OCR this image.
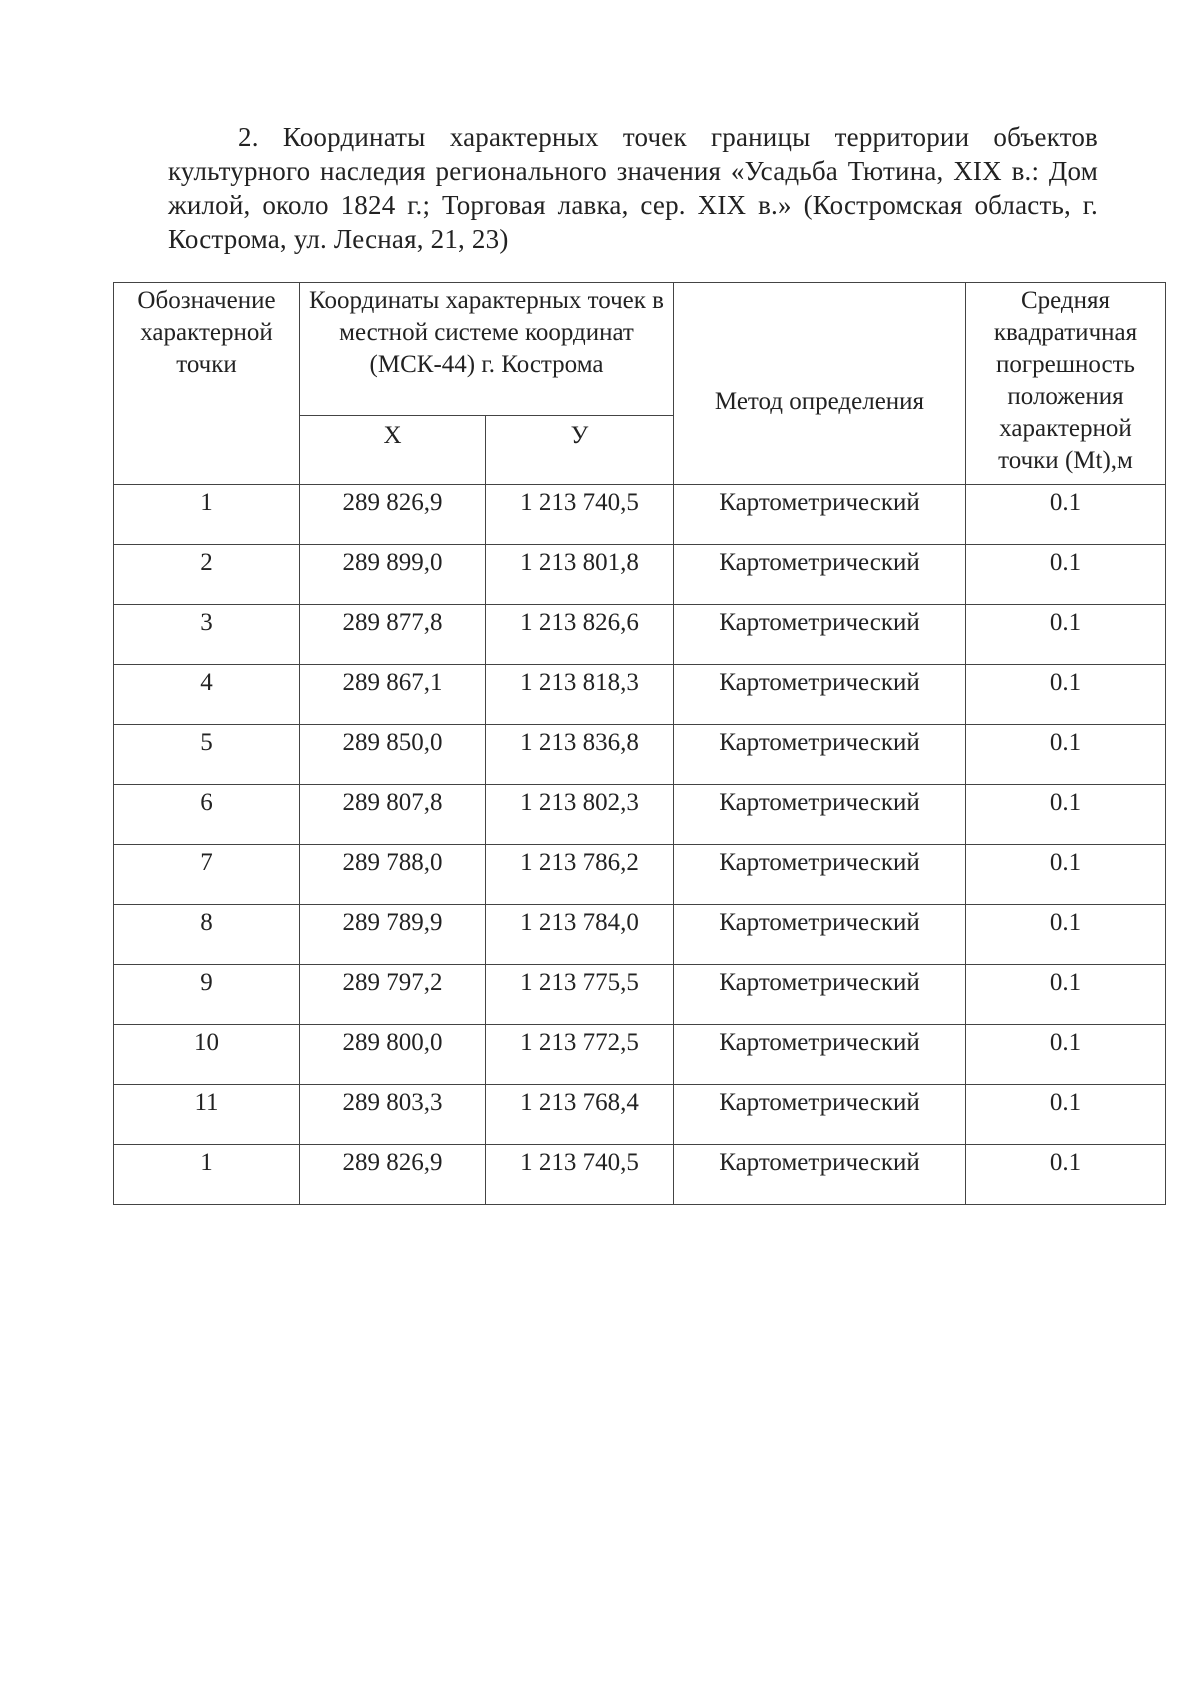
2. Координаты характерных точек границы территории объектов культурного наследия регионального значения «Усадьба Тютина, XIX в.: Дом жилой, около 1824 г.; Торговая лавка, сер. XIX в.» (Костромская область, г. Кострома, ул. Лесная, 21, 23)
Обозначение характерной точки	Координаты характерных точек в местной системе координат (МСК-44) г. Кострома		Метод определения	Средняя квадратичная погрешность положения характерной точки (Mt),м
	Х	У		
1	289 826,9	1 213 740,5	Картометрический	0.1
2	289 899,0	1 213 801,8	Картометрический	0.1
3	289 877,8	1 213 826,6	Картометрический	0.1
4	289 867,1	1 213 818,3	Картометрический	0.1
5	289 850,0	1 213 836,8	Картометрический	0.1
6	289 807,8	1 213 802,3	Картометрический	0.1
7	289 788,0	1 213 786,2	Картометрический	0.1
8	289 789,9	1 213 784,0	Картометрический	0.1
9	289 797,2	1 213 775,5	Картометрический	0.1
10	289 800,0	1 213 772,5	Картометрический	0.1
11	289 803,3	1 213 768,4	Картометрический	0.1
1	289 826,9	1 213 740,5	Картометрический	0.1
